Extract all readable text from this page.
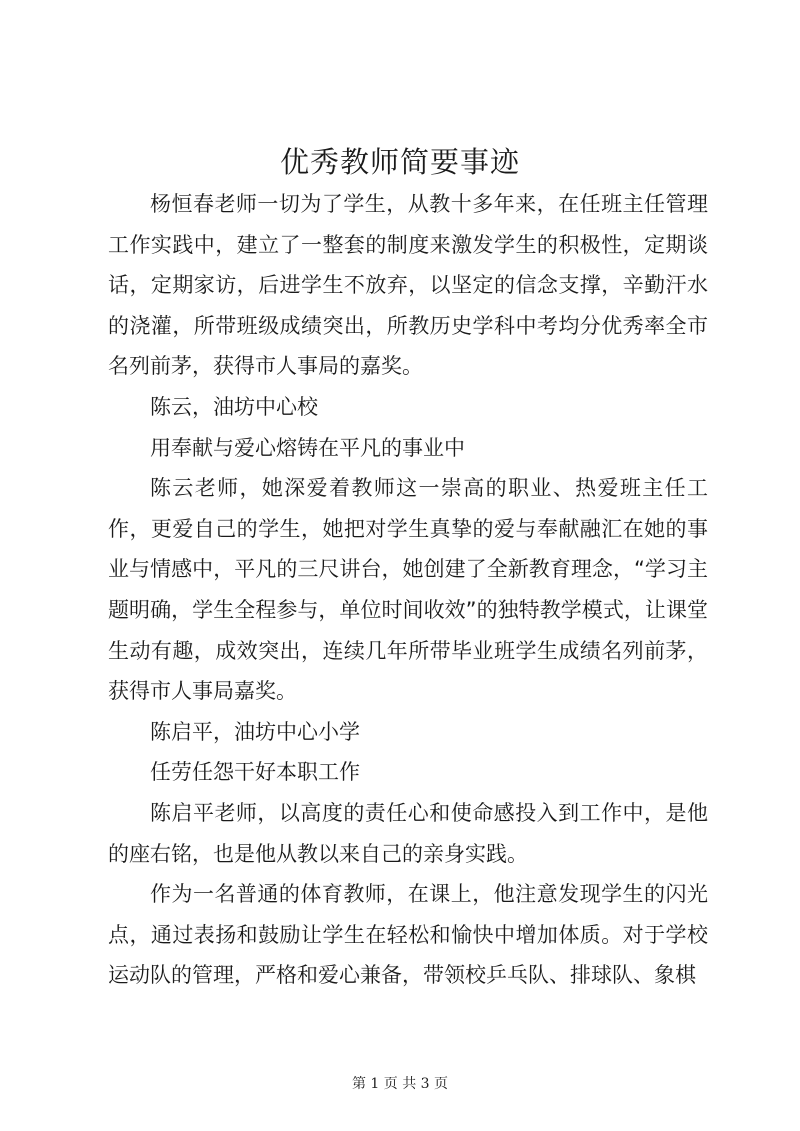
优秀教师简要事迹

杨恒春老师一切为了学生，从教十多年来，在任班主任管理工作实践中，建立了一整套的制度来激发学生的积极性，定期谈话，定期家访，后进学生不放弃，以坚定的信念支撑，辛勤汗水的浇灌，所带班级成绩突出，所教历史学科中考均分优秀率全市名列前茅，获得市人事局的嘉奖。

陈云，油坊中心校

用奉献与爱心熔铸在平凡的事业中

陈云老师，她深爱着教师这一崇高的职业、热爱班主任工作，更爱自己的学生，她把对学生真挚的爱与奉献融汇在她的事业与情感中，平凡的三尺讲台，她创建了全新教育理念，“学习主题明确，学生全程参与，单位时间收效”的独特教学模式，让课堂生动有趣，成效突出，连续几年所带毕业班学生成绩名列前茅，获得市人事局嘉奖。

陈启平，油坊中心小学

任劳任怨干好本职工作

陈启平老师，以高度的责任心和使命感投入到工作中，是他的座右铭，也是他从教以来自己的亲身实践。

作为一名普通的体育教师，在课上，他注意发现学生的闪光点，通过表扬和鼓励让学生在轻松和愉快中增加体质。对于学校运动队的管理，严格和爱心兼备，带领校乒乓队、排球队、象棋

第 1 页 共 3 页
